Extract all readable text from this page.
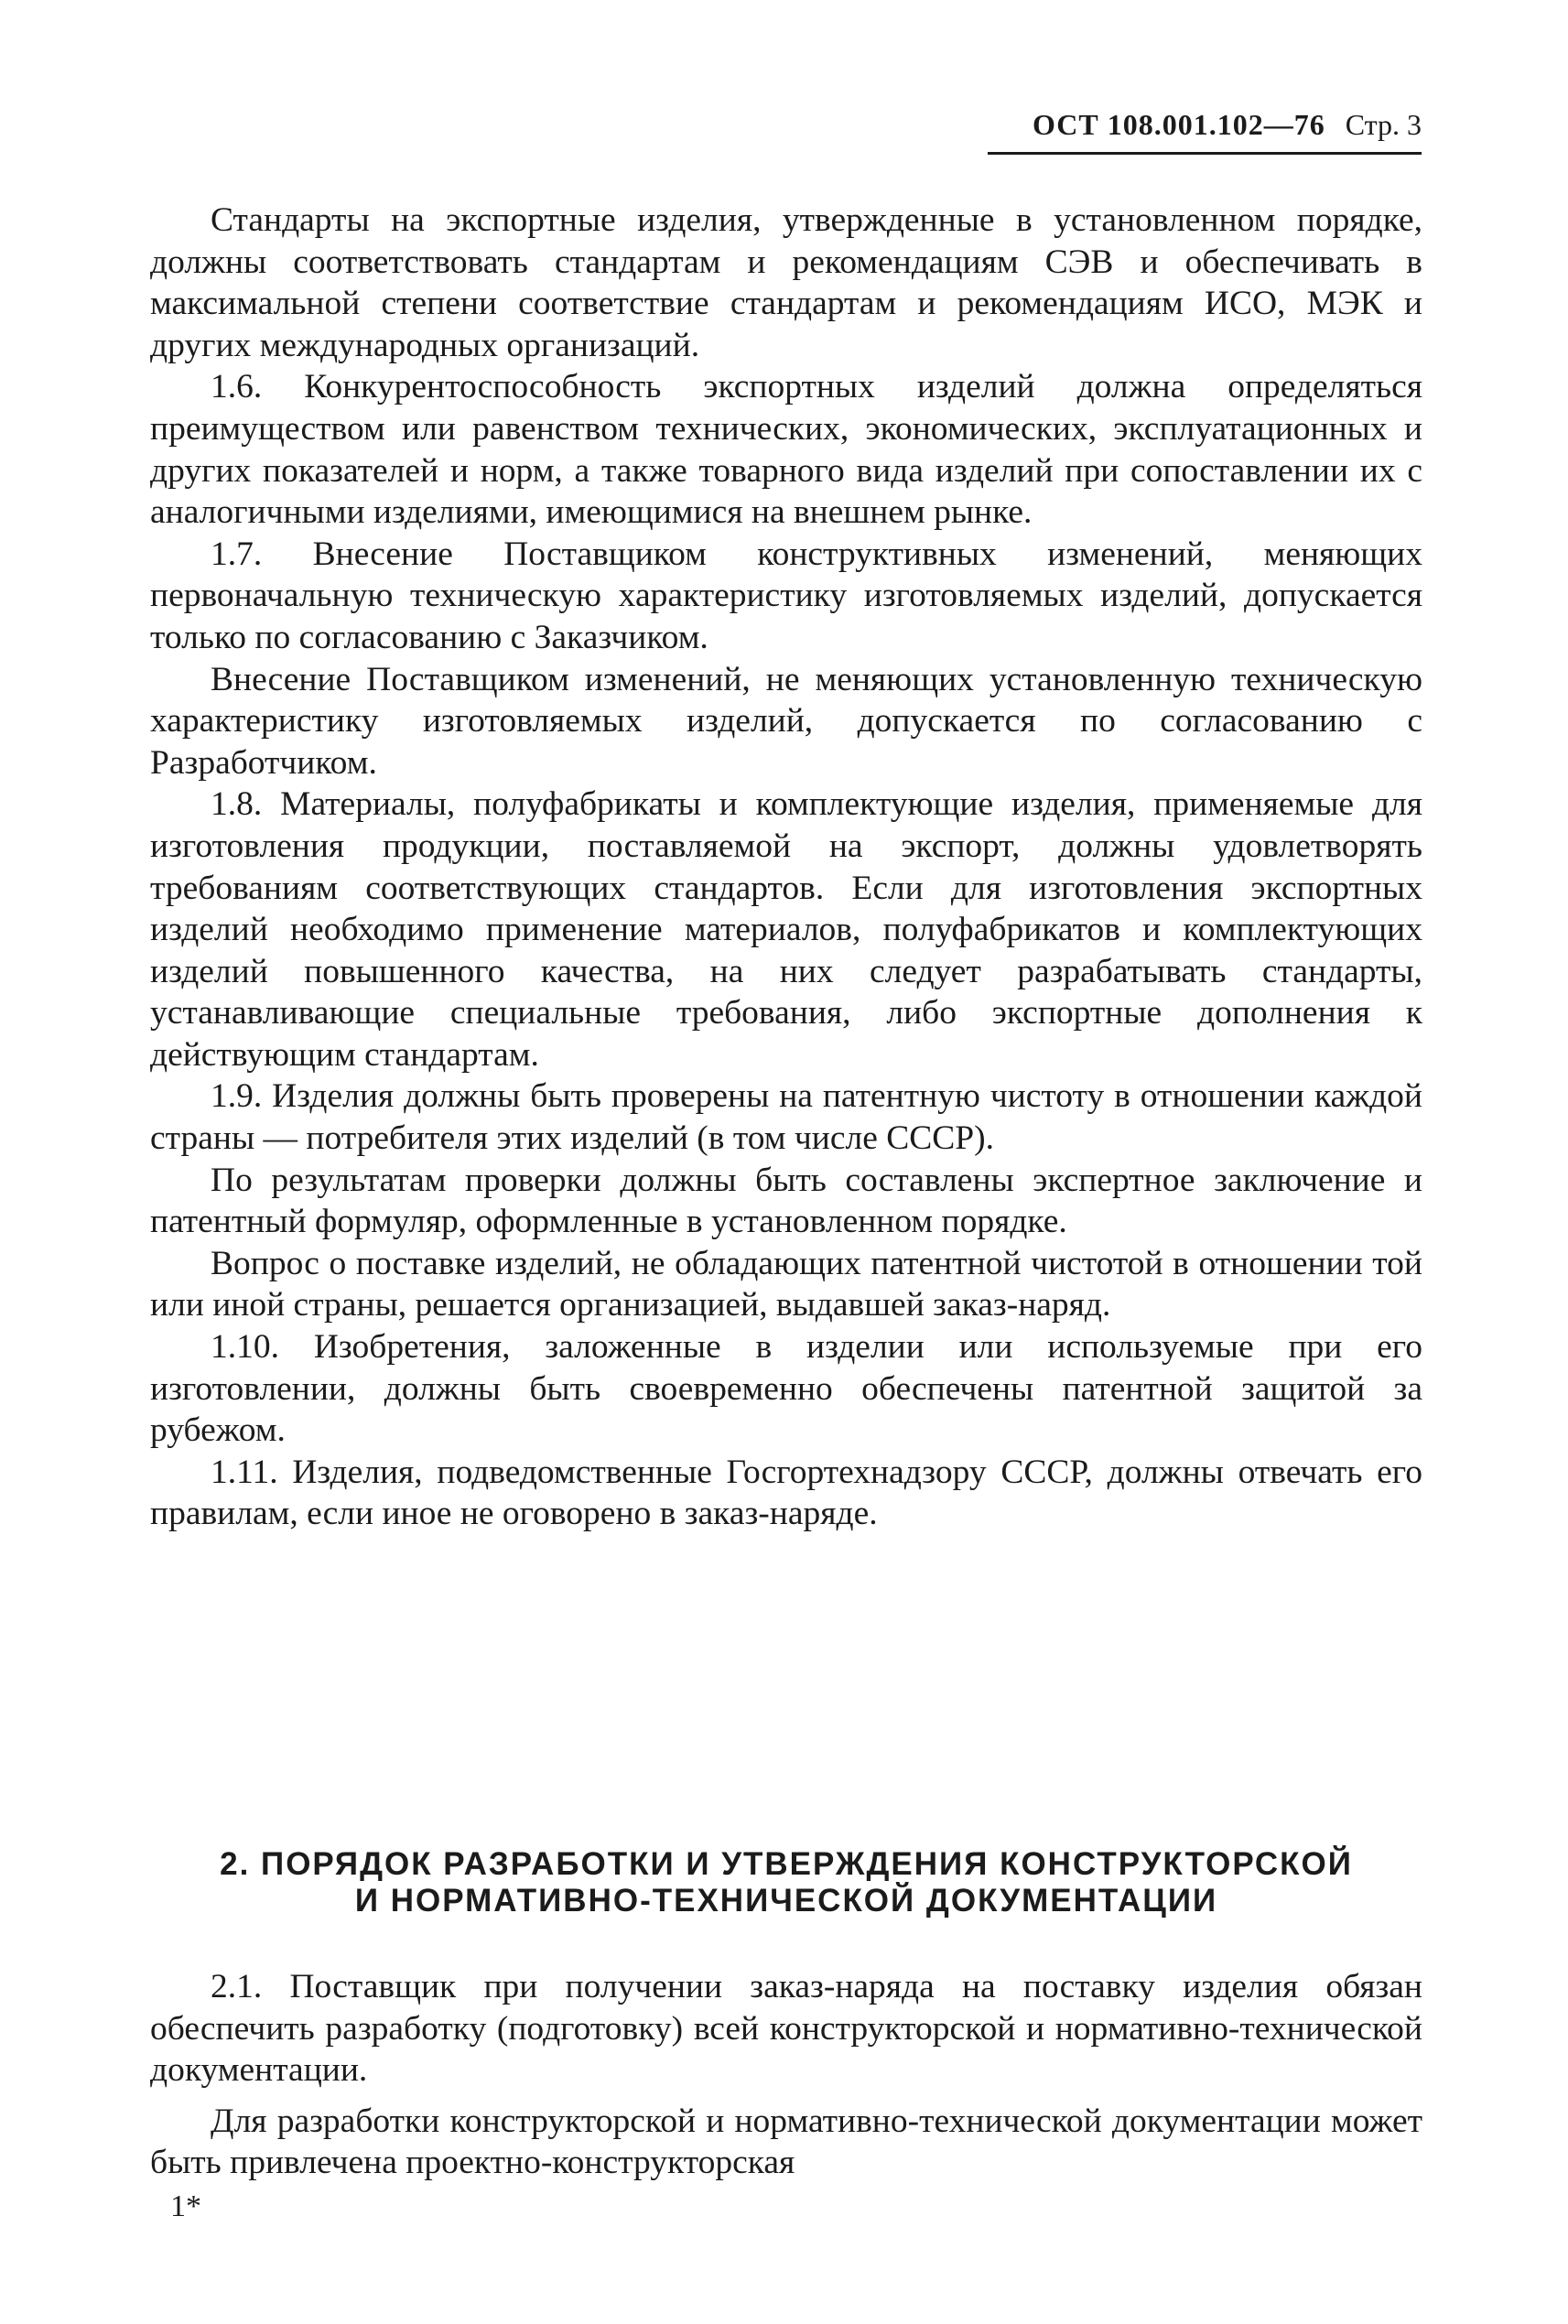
ОСТ 108.001.102—76 Стр. 3

Стандарты на экспортные изделия, утвержденные в установленном порядке, должны соответствовать стандартам и рекомендациям СЭВ и обеспечивать в максимальной степени соответствие стандартам и рекомендациям ИСО, МЭК и других международных организаций.

1.6. Конкурентоспособность экспортных изделий должна определяться преимуществом или равенством технических, экономических, эксплуатационных и других показателей и норм, а также товарного вида изделий при сопоставлении их с аналогичными изделиями, имеющимися на внешнем рынке.

1.7. Внесение Поставщиком конструктивных изменений, меняющих первоначальную техническую характеристику изготовляемых изделий, допускается только по согласованию с Заказчиком.

Внесение Поставщиком изменений, не меняющих установленную техническую характеристику изготовляемых изделий, допускается по согласованию с Разработчиком.

1.8. Материалы, полуфабрикаты и комплектующие изделия, применяемые для изготовления продукции, поставляемой на экспорт, должны удовлетворять требованиям соответствующих стандартов. Если для изготовления экспортных изделий необходимо применение материалов, полуфабрикатов и комплектующих изделий повышенного качества, на них следует разрабатывать стандарты, устанавливающие специальные требования, либо экспортные дополнения к действующим стандартам.

1.9. Изделия должны быть проверены на патентную чистоту в отношении каждой страны — потребителя этих изделий (в том числе СССР).

По результатам проверки должны быть составлены экспертное заключение и патентный формуляр, оформленные в установленном порядке.

Вопрос о поставке изделий, не обладающих патентной чистотой в отношении той или иной страны, решается организацией, выдавшей заказ-наряд.

1.10. Изобретения, заложенные в изделии или используемые при его изготовлении, должны быть своевременно обеспечены патентной защитой за рубежом.

1.11. Изделия, подведомственные Госгортехнадзору СССР, должны отвечать его правилам, если иное не оговорено в заказ-наряде.

2. ПОРЯДОК РАЗРАБОТКИ И УТВЕРЖДЕНИЯ КОНСТРУКТОРСКОЙ
И НОРМАТИВНО-ТЕХНИЧЕСКОЙ ДОКУМЕНТАЦИИ

2.1. Поставщик при получении заказ-наряда на поставку изделия обязан обеспечить разработку (подготовку) всей конструкторской и нормативно-технической документации.

Для разработки конструкторской и нормативно-технической документации может быть привлечена проектно-конструкторская

1*
